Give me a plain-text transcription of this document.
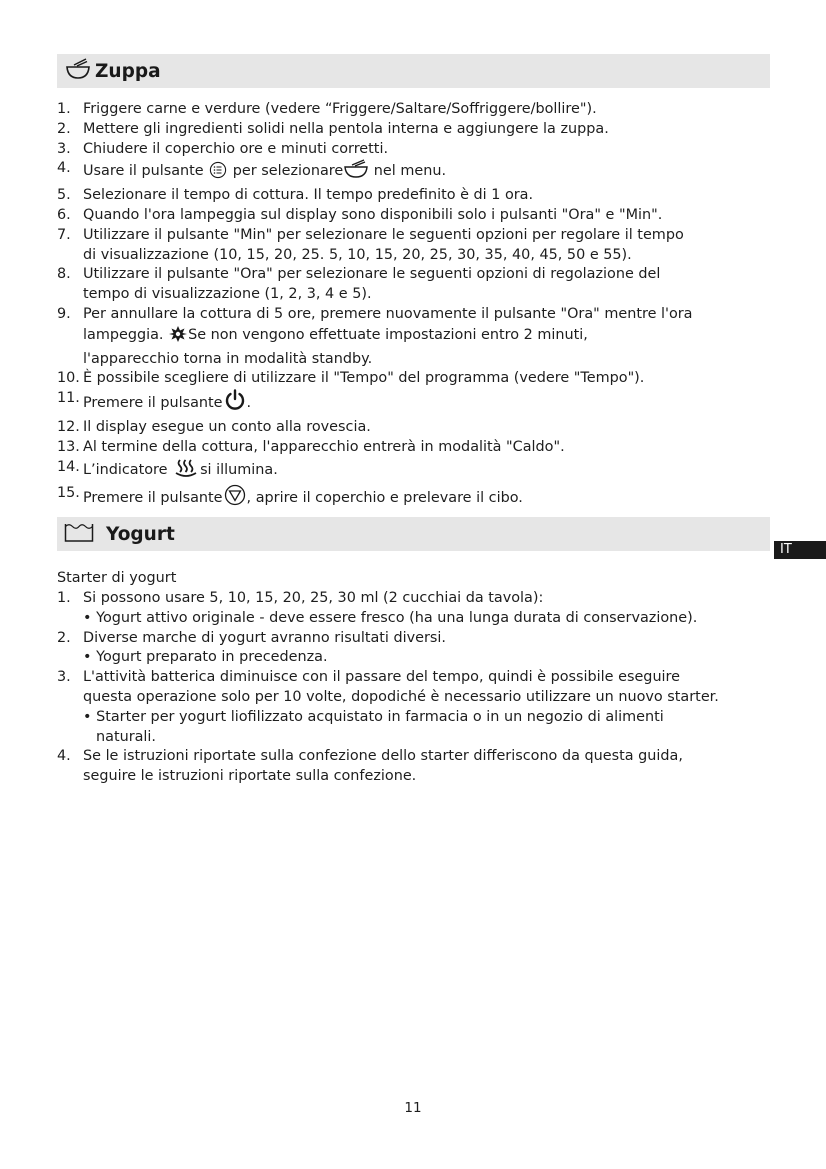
Zuppa
1. Friggere carne e verdure (vedere “Friggere/Saltare/Soffriggere/bollire").
2. Mettere gli ingredienti solidi nella pentola interna e aggiungere la zuppa.
3. Chiudere il coperchio ore e minuti corretti.
4. Usare il pulsante  per selezionare nel menu.
5. Selezionare il tempo di cottura. Il tempo predefinito è di 1 ora.
6. Quando l'ora lampeggia sul display sono disponibili solo i pulsanti "Ora" e "Min".
7. Utilizzare il pulsante "Min" per selezionare le seguenti opzioni per regolare il tempo
di visualizzazione (10, 15, 20, 25. 5, 10, 15, 20, 25, 30, 35, 40, 45, 50 e 55).
8. Utilizzare il pulsante "Ora" per selezionare le seguenti opzioni di regolazione del
tempo di visualizzazione (1, 2, 3, 4 e 5).
9. Per annullare la cottura di 5 ore, premere nuovamente il pulsante "Ora" mentre l'ora
lampeggia. Se non vengono effettuate impostazioni entro 2 minuti,
l'apparecchio torna in modalità standby.
10. È possibile scegliere di utilizzare il "Tempo" del programma (vedere "Tempo").
11. Premere il pulsante .
12. Il display esegue un conto alla rovescia.
13. Al termine della cottura, l'apparecchio entrerà in modalità "Caldo".
14. L’indicatore si illumina.
15. Premere il pulsante , aprire il coperchio e prelevare il cibo.
Yogurt
IT
Starter di yogurt
1. Si possono usare 5, 10, 15, 20, 25, 30 ml (2 cucchiai da tavola):
• Yogurt attivo originale - deve essere fresco (ha una lunga durata di conservazione).
2. Diverse marche di yogurt avranno risultati diversi.
• Yogurt preparato in precedenza.
3. L'attività batterica diminuisce con il passare del tempo, quindi è possibile eseguire
questa operazione solo per 10 volte, dopodiché è necessario utilizzare un nuovo starter.
• Starter per yogurt liofilizzato acquistato in farmacia o in un negozio di alimenti
naturali.
4. Se le istruzioni riportate sulla confezione dello starter differiscono da questa guida,
seguire le istruzioni riportate sulla confezione.
11
